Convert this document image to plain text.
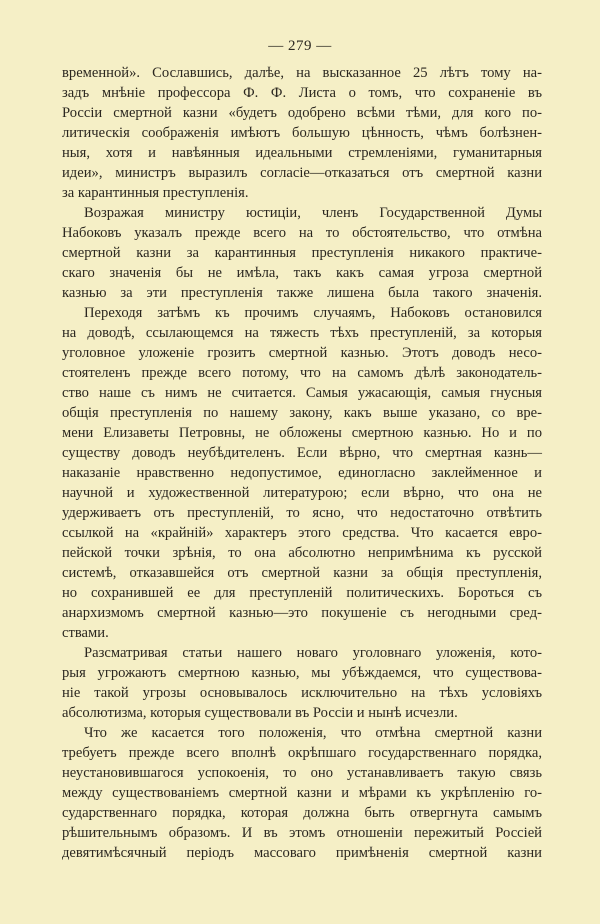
— 279 —
временной». Сославшись, далѣе, на высказанное 25 лѣтъ тому на-
задъ мнѣніе профессора Ф. Ф. Листа о томъ, что сохраненіе въ
Россіи смертной казни «будетъ одобрено всѣми тѣми, для кого по-
литическія соображенія имѣютъ большую цѣнность, чѣмъ болѣзнен-
ныя, хотя и навѣянныя идеальными стремленіями, гуманитарныя
идеи», министръ выразилъ согласіе—отказаться отъ смертной казни
за карантинныя преступленія.
Возражая министру юстиціи, членъ Государственной Думы
Набоковъ указалъ прежде всего на то обстоятельство, что отмѣна
смертной казни за карантинныя преступленія никакого практиче-
скаго значенія бы не имѣла, такъ какъ самая угроза смертной
казнью за эти преступленія также лишена была такого значенія.
Переходя затѣмъ къ прочимъ случаямъ, Набоковъ остановился
на доводѣ, ссылающемся на тяжесть тѣхъ преступленій, за которыя
уголовное уложеніе грозитъ смертной казнью. Этотъ доводъ несо-
стоятеленъ прежде всего потому, что на самомъ дѣлѣ законодатель-
ство наше съ нимъ не считается. Самыя ужасающія, самыя гнусныя
общія преступленія по нашему закону, какъ выше указано, со вре-
мени Елизаветы Петровны, не обложены смертною казнью. Но и по
существу доводъ неубѣдителенъ. Если вѣрно, что смертная казнь—
наказаніе нравственно недопустимое, единогласно заклейменное и
научной и художественной литературою; если вѣрно, что она не
удерживаетъ отъ преступленій, то ясно, что недостаточно отвѣтить
ссылкой на «крайній» характеръ этого средства. Что касается евро-
пейской точки зрѣнія, то она абсолютно непримѣнима къ русской
системѣ, отказавшейся отъ смертной казни за общія преступленія,
но сохранившей ее для преступленій политическихъ. Бороться съ
анархизмомъ смертной казнью—это покушеніе съ негодными сред-
ствами.
Разсматривая статьи нашего новаго уголовнаго уложенія, кото-
рыя угрожаютъ смертною казнью, мы убѣждаемся, что существова-
ніе такой угрозы основывалось исключительно на тѣхъ условіяхъ
абсолютизма, которыя существовали въ Россіи и нынѣ исчезли.
Что же касается того положенія, что отмѣна смертной казни
требуетъ прежде всего вполнѣ окрѣпшаго государственнаго порядка,
неустановившагося успокоенія, то оно устанавливаетъ такую связь
между существованіемъ смертной казни и мѣрами къ укрѣпленію го-
сударственнаго порядка, которая должна быть отвергнута самымъ
рѣшительнымъ образомъ. И въ этомъ отношеніи пережитый Россіей
девятимѣсячный періодъ массоваго примѣненія смертной казни
